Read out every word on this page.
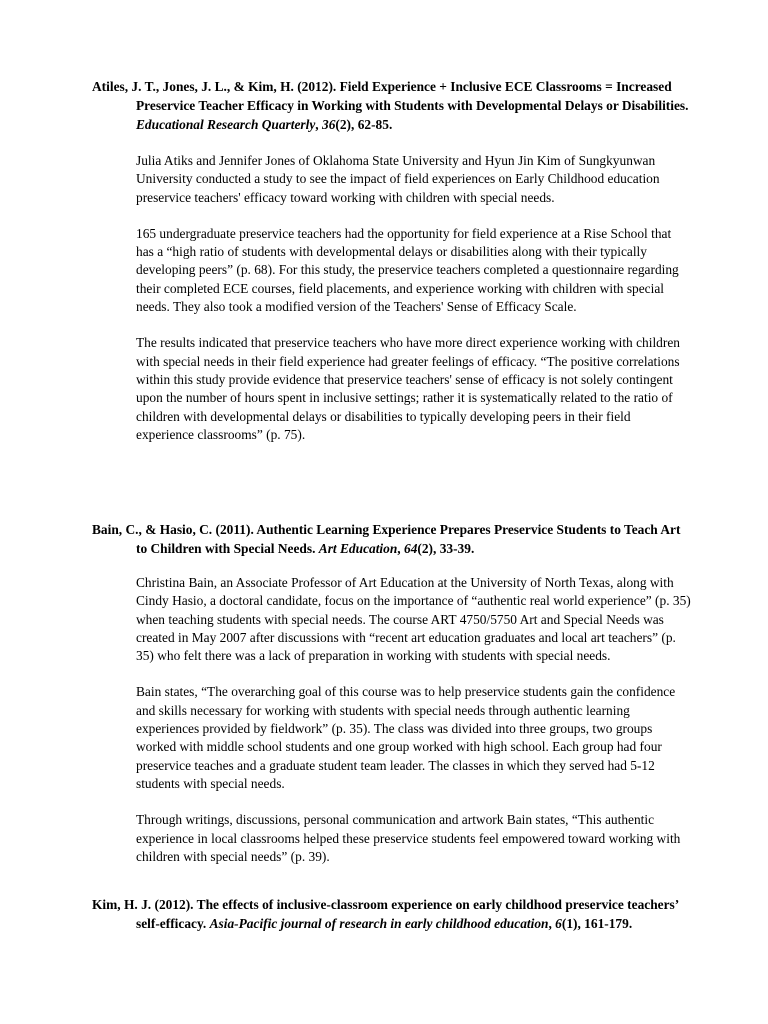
Atiles, J. T., Jones, J. L., & Kim, H. (2012). Field Experience + Inclusive ECE Classrooms = Increased Preservice Teacher Efficacy in Working with Students with Developmental Delays or Disabilities. Educational Research Quarterly, 36(2), 62-85.

Julia Atiks and Jennifer Jones of Oklahoma State University and Hyun Jin Kim of Sungkyunwan University conducted a study to see the impact of field experiences on Early Childhood education preservice teachers' efficacy toward working with children with special needs.

165 undergraduate preservice teachers had the opportunity for field experience at a Rise School that has a “high ratio of students with developmental delays or disabilities along with their typically developing peers” (p. 68). For this study, the preservice teachers completed a questionnaire regarding their completed ECE courses, field placements, and experience working with children with special needs. They also took a modified version of the Teachers' Sense of Efficacy Scale.

The results indicated that preservice teachers who have more direct experience working with children with special needs in their field experience had greater feelings of efficacy. “The positive correlations within this study provide evidence that preservice teachers' sense of efficacy is not solely contingent upon the number of hours spent in inclusive settings; rather it is systematically related to the ratio of children with developmental delays or disabilities to typically developing peers in their field experience classrooms” (p. 75).

Bain, C., & Hasio, C. (2011). Authentic Learning Experience Prepares Preservice Students to Teach Art to Children with Special Needs. Art Education, 64(2), 33-39.

Christina Bain, an Associate Professor of Art Education at the University of North Texas, along with Cindy Hasio, a doctoral candidate, focus on the importance of “authentic real world experience” (p. 35) when teaching students with special needs. The course ART 4750/5750 Art and Special Needs was created in May 2007 after discussions with “recent art education graduates and local art teachers” (p. 35) who felt there was a lack of preparation in working with students with special needs.

Bain states, “The overarching goal of this course was to help preservice students gain the confidence and skills necessary for working with students with special needs through authentic learning experiences provided by fieldwork” (p. 35). The class was divided into three groups, two groups worked with middle school students and one group worked with high school. Each group had four preservice teaches and a graduate student team leader. The classes in which they served had 5-12 students with special needs.

Through writings, discussions, personal communication and artwork Bain states, “This authentic experience in local classrooms helped these preservice students feel empowered toward working with children with special needs” (p. 39).

Kim, H. J. (2012). The effects of inclusive-classroom experience on early childhood preservice teachers’ self-efficacy. Asia-Pacific journal of research in early childhood education, 6(1), 161-179.
